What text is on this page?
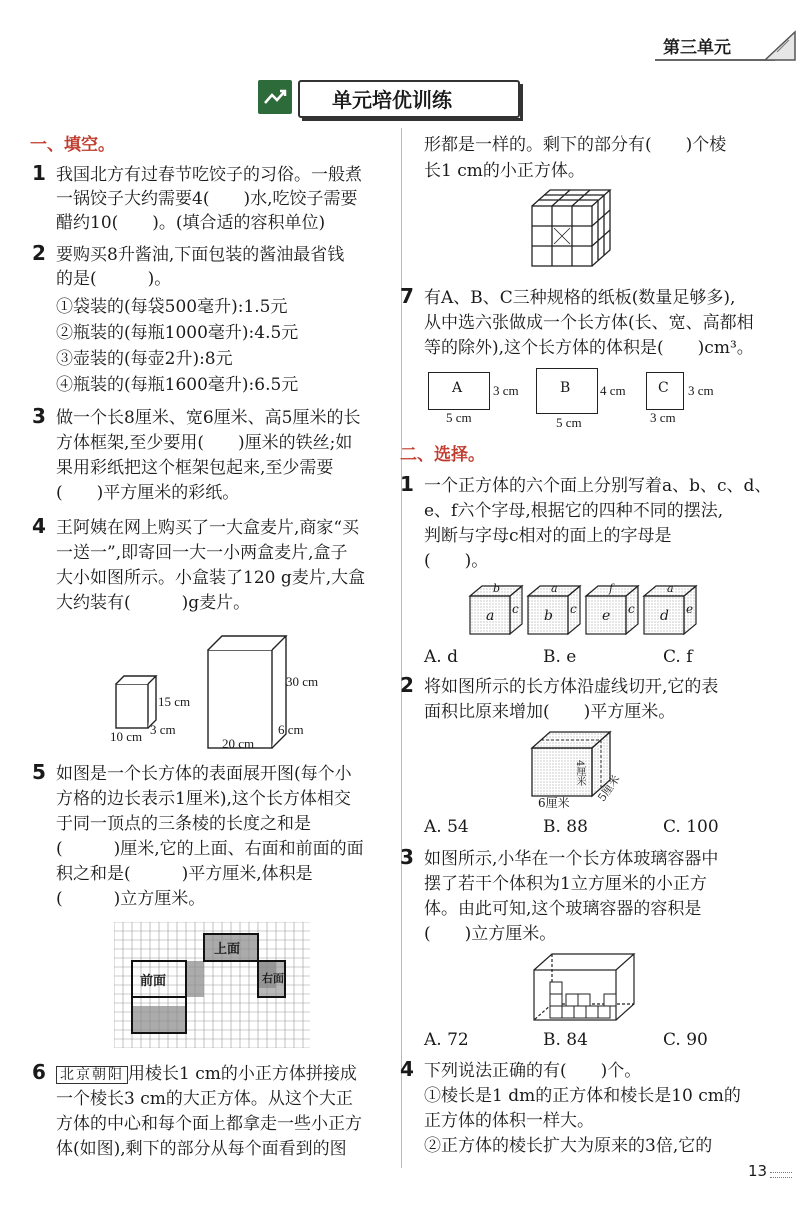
第三单元
单元培优训练
一、填空。
1 我国北方有过春节吃饺子的习俗。一般煮
一锅饺子大约需要4(　　)水,吃饺子需要
醋约10(　　)。(填合适的容积单位)
2 要购买8升酱油,下面包装的酱油最省钱
的是(　　　)。
①袋装的(每袋500毫升):1.5元
②瓶装的(每瓶1000毫升):4.5元
③壶装的(每壶2升):8元
④瓶装的(每瓶1600毫升):6.5元
3 做一个长8厘米、宽6厘米、高5厘米的长
方体框架,至少要用(　　)厘米的铁丝;如
果用彩纸把这个框架包起来,至少需要
(　　)平方厘米的彩纸。
4 王阿姨在网上购买了一大盒麦片,商家“买
一送一”,即寄回一大一小两盒麦片,盒子
大小如图所示。小盒装了120 g麦片,大盒
大约装有(　　　)g麦片。
15 cm
3 cm
10 cm
30 cm
6 cm
20 cm
5 如图是一个长方体的表面展开图(每个小
方格的边长表示1厘米),这个长方体相交
于同一顶点的三条棱的长度之和是
(　　　)厘米,它的上面、右面和前面的面
积之和是(　　　)平方厘米,体积是
(　　　)立方厘米。
上面
前面	右面
6 北京朝阳 用棱长1 cm的小正方体拼接成
一个棱长3 cm的大正方体。从这个大正
方体的中心和每个面上都拿走一些小正方
体(如图),剩下的部分从每个面看到的图
形都是一样的。剩下的部分有(　　)个棱
长1 cm的小正方体。
7 有A、B、C三种规格的纸板(数量足够多),
从中选六张做成一个长方体(长、宽、高都相
等的除外),这个长方体的体积是(　　)cm³。
A 3 cm
5 cm
B 4 cm
5 cm
C 3 cm
3 cm
二、选择。
1 一个正方体的六个面上分别写着a、b、c、d、
e、f六个字母,根据它的四种不同的摆法,
判断与字母c相对的面上的字母是
(　　)。
b
a c
a
b c
f
e c
a
d e
A. d	B. e	C. f
2 将如图所示的长方体沿虚线切开,它的表
面积比原来增加(　　)平方厘米。
6厘米 5厘米
4厘米
A. 54	B. 88	C. 100
3 如图所示,小华在一个长方体玻璃容器中
摆了若干个体积为1立方厘米的小正方
体。由此可知,这个玻璃容器的容积是
(　　)立方厘米。
A. 72	B. 84	C. 90
4 下列说法正确的有(　　)个。
①棱长是1 dm的正方体和棱长是10 cm的
正方体的体积一样大。
②正方体的棱长扩大为原来的3倍,它的
13
